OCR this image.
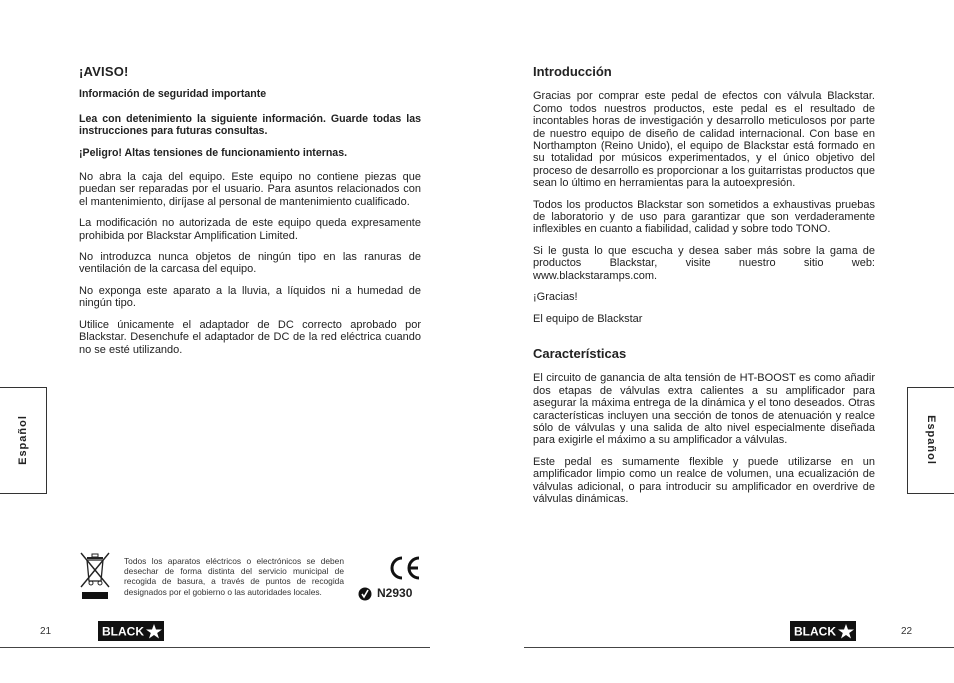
¡AVISO!

Información de seguridad importante

Lea con detenimiento la siguiente información. Guarde todas las instrucciones para futuras consultas.

¡Peligro! Altas tensiones de funcionamiento internas.

No abra la caja del equipo. Este equipo no contiene piezas que puedan ser reparadas por el usuario. Para asuntos relacionados con el mantenimiento, diríjase al personal de mantenimiento cualificado.

La modificación no autorizada de este equipo queda expresamente prohibida por Blackstar Amplification Limited.

No introduzca nunca objetos de ningún tipo en las ranuras de ventilación de la carcasa del equipo.

No exponga este aparato a la lluvia, a líquidos ni a humedad de ningún tipo.

Utilice únicamente el adaptador de DC correcto aprobado por Blackstar. Desenchufe el adaptador de DC de la red eléctrica cuando no se esté utilizando.

Introducción

Gracias por comprar este pedal de efectos con válvula Blackstar. Como todos nuestros productos, este pedal es el resultado de incontables horas de investigación y desarrollo meticulosos por parte de nuestro equipo de diseño de calidad internacional. Con base en Northampton (Reino Unido), el equipo de Blackstar está formado en su totalidad por músicos experimentados, y el único objetivo del proceso de desarrollo es proporcionar a los guitarristas productos que sean lo último en herramientas para la autoexpresión.

Todos los productos Blackstar son sometidos a exhaustivas pruebas de laboratorio y de uso para garantizar que son verdaderamente inflexibles en cuanto a fiabilidad, calidad y sobre todo TONO.

Si le gusta lo que escucha y desea saber más sobre la gama de productos Blackstar, visite nuestro sitio web: www.blackstaramps.com.

¡Gracias!

El equipo de Blackstar

Características

El circuito de ganancia de alta tensión de HT-BOOST es como añadir dos etapas de válvulas extra calientes a su amplificador para asegurar la máxima entrega de la dinámica y el tono deseados. Otras características incluyen una sección de tonos de atenuación y realce sólo de válvulas y una salida de alto nivel especialmente diseñada para exigirle el máximo a su amplificador a válvulas.

Este pedal es sumamente flexible y puede utilizarse en un amplificador limpio como un realce de volumen, una ecualización de válvulas adicional, o para introducir su amplificador en overdrive de válvulas dinámicas.

Español	Español
Todos los aparatos eléctricos o electrónicos se deben desechar de forma distinta del servicio municipal de recogida de basura, a través de puntos de recogida designados por el gobierno o las autoridades locales.	N2930
21	22
BLACK	BLACK
